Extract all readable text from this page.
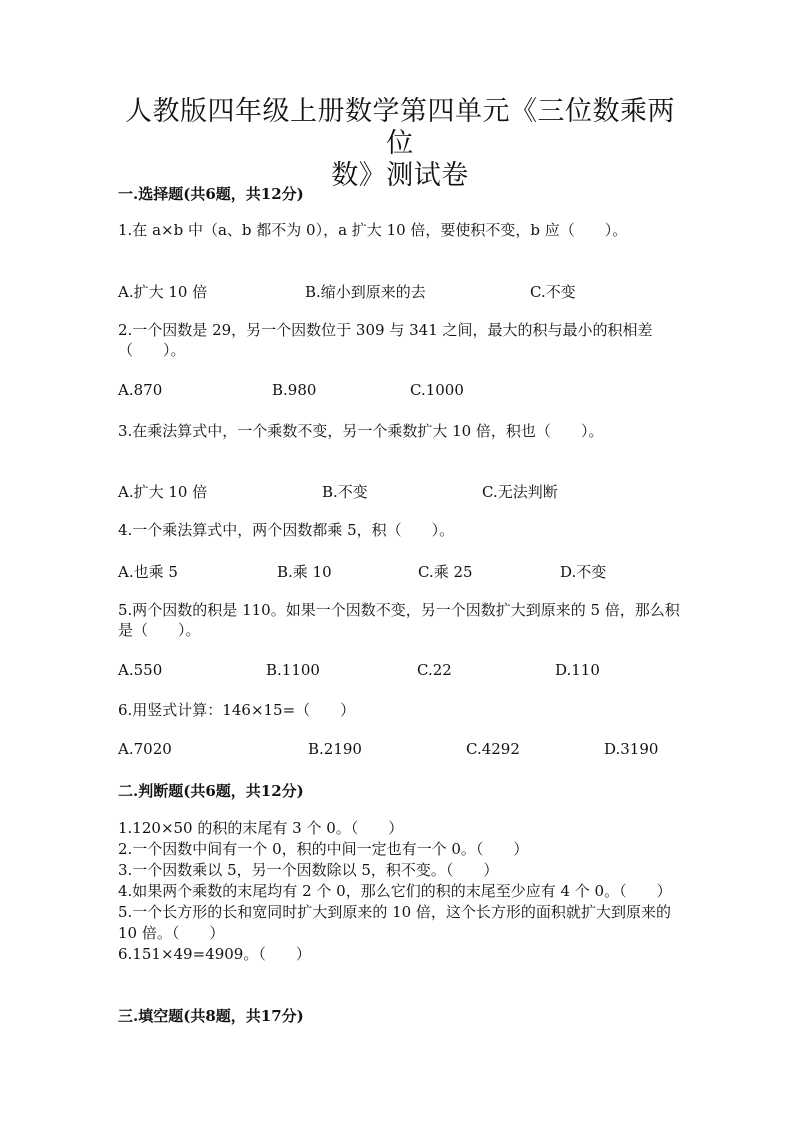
人教版四年级上册数学第四单元《三位数乘两位
数》测试卷
一.选择题(共6题，共12分)
1.在 a×b 中（a、b 都不为 0），a 扩大 10 倍，要使积不变，b 应（　　）。
A.扩大 10 倍	B.缩小到原来的去	C.不变
2.一个因数是 29，另一个因数位于 309 与 341 之间，最大的积与最小的积相差（　　）。
A.870	B.980	C.1000
3.在乘法算式中，一个乘数不变，另一个乘数扩大 10 倍，积也（　　）。
A.扩大 10 倍	B.不变	C.无法判断
4.一个乘法算式中，两个因数都乘 5，积（　　）。
A.也乘 5	B.乘 10	C.乘 25	D.不变
5.两个因数的积是 110。如果一个因数不变，另一个因数扩大到原来的 5 倍，那么积是（　　）。
A.550	B.1100	C.22	D.110
6.用竖式计算：146×15=（　　）
A.7020	B.2190	C.4292	D.3190
二.判断题(共6题，共12分)
1.120×50 的积的末尾有 3 个 0。（　　）
2.一个因数中间有一个 0，积的中间一定也有一个 0。（　　）
3.一个因数乘以 5，另一个因数除以 5，积不变。（　　）
4.如果两个乘数的末尾均有 2 个 0，那么它们的积的末尾至少应有 4 个 0。（　　）
5.一个长方形的长和宽同时扩大到原来的 10 倍，这个长方形的面积就扩大到原来的 10 倍。（　　）
6.151×49=4909。（　　）
三.填空题(共8题，共17分)
